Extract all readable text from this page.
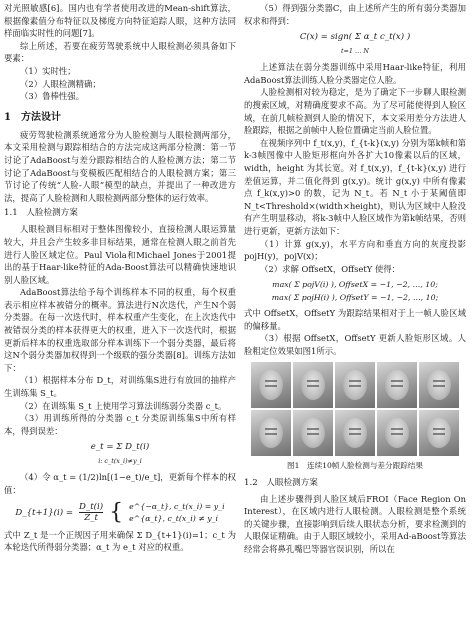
对光照敏感[6]。国内也有学者使用改进的Mean-shift算法，根据像素值分布特征以及梯度方向特征追踪人眼，这种方法同样面临实时性的问题[7]。

综上所述，若要在疲劳驾驶系统中人眼检测必须具备如下要素：

（1）实时性；

（2）人眼检测精确；

（3）鲁棒性强。

1　方法设计

疲劳驾驶检测系统通常分为人脸检测与人眼检测两部分，本文采用检测与跟踪相结合的方法完成这两部分检测：第一节讨论了AdaBoost与差分跟踪相结合的人脸检测方法；第二节讨论了AdaBoost与变模板匹配相结合的人眼检测方案；第三节讨论了传统“人脸-人眼”模型的缺点，并提出了一种改进方法，提高了人脸检测和人眼检测两部分整体的运行效率。

1.1　人脸检测方案

人眼检测目标相对于整体图像较小，直接检测人眼运算量较大，并且会产生较多非目标结果，通常在检测人眼之前首先进行人脸区域定位。Paul Viola和Michael Jones于2001提出的基于Haar-like特征的Ada-Boost算法可以精确快速地识别人脸区域。

AdaBoost算法给予每个训练样本不同的权重，每个权重表示相应样本被错分的概率。算法进行N次迭代，产生N个弱分类器。在每一次迭代时，样本权重产生变化，在上次迭代中被错误分类的样本获得更大的权重，进入下一次迭代时，根据更新后样本的权重选取部分样本训练下一个弱分类器，最后将这N个弱分类器加权得到一个级联的强分类器[8]。训练方法如下：

（1）根据样本分布 D_t，对训练集S进行有放回的抽样产生训练集 S_t。

（2）在训练集 S_t 上使用学习算法训练弱分类器 c_t。

（3）用训练所得的分类器 c_t 分类原训练集S中所有样本，得到误差：

e_t = Σ D_t(i)
i: c_t(x_i)≠y_i

（4）令 α_t = (1/2)ln[(1−e_t)/e_t]，更新每个样本的权值：

D_{t+1}(i) = $\frac{D\_t(i)}{Z\_t}$ { e^{−α_t}, c_t(x_i) = y_i
e^{α_t}, c_t(x_i) ≠ y_i

式中 Z_t 是一个正规因子用来确保 Σ D_{t+1}(i)=1；c_t 为本轮迭代所得弱分类器；α_t 为 e_t 对应的权重。

（5）得到强分类器C，由上述所产生的所有弱分类器加权求和得到：

C(x) = sign( Σ α_t c_t(x) )
t=1 … N

上述算法在弱分类器训练中采用Haar-like特征，利用AdaBoost算法训练人脸分类器定位人脸。

人脸检测相对较为稳定，是为了确定下一步聊人眼检测的搜索区域，对精确度要求不高。为了尽可能使得到人脸区域，在前几帧检测到人脸的情况下，本文采用差分方法进人脸跟踪，根据之前帧中人脸位置确定当前人脸位置。

在视频序列中 f_t(x,y)，f_{t-k}(x,y) 分别为第k帧和第k-3帧图像中人脸矩形框向外各扩大10像素以后的区域，width，height 为其长宽。对 f_t(x,y)，f_{t-k}(x,y) 进行差值运算，并二值化得到 g(x,y)。统计 g(x,y) 中所有像素点 f_k(x,y)>0 的数，记为 N_t。若 N_t 小于某阈值即 N_t<Threshold×(width×height)，则认为区域中人脸没有产生明显移动，将k-3帧中人脸区域作为第k帧结果，否则进行更新，更新方法如下：

（1）计算 g(x,y)，水平方向和垂直方向的灰度投影 pojH(y)，pojV(x)；

（2）求解 OffsetX，OffsetY 使得：

max( Σ pojV(i) ), OffsetX = −1, −2, …, 10;
max( Σ pojH(i) ), OffsetY = −1, −2, …, 10;

式中 OffsetX，OffsetY 为跟踪结果相对于上一帧人脸区域的偏移量。

（3）根据 OffsetX，OffsetY 更新人脸矩形区域。人脸粗定位效果如图1所示。

图1　连续10帧人脸检测与差分跟踪结果
1.2　人眼检测方案

由上述步骤得到人脸区域后FROI（Face Region On Interest），在区域内进行人眼检测。人眼检测是整个系统的关键步骤，直接影响到后续人眼状态分析，要求检测到的人眼保证精确。由于人眼区域较小，采用Ad-aBoost等算法经常会将鼻孔嘴巴等器官误识别，所以在
